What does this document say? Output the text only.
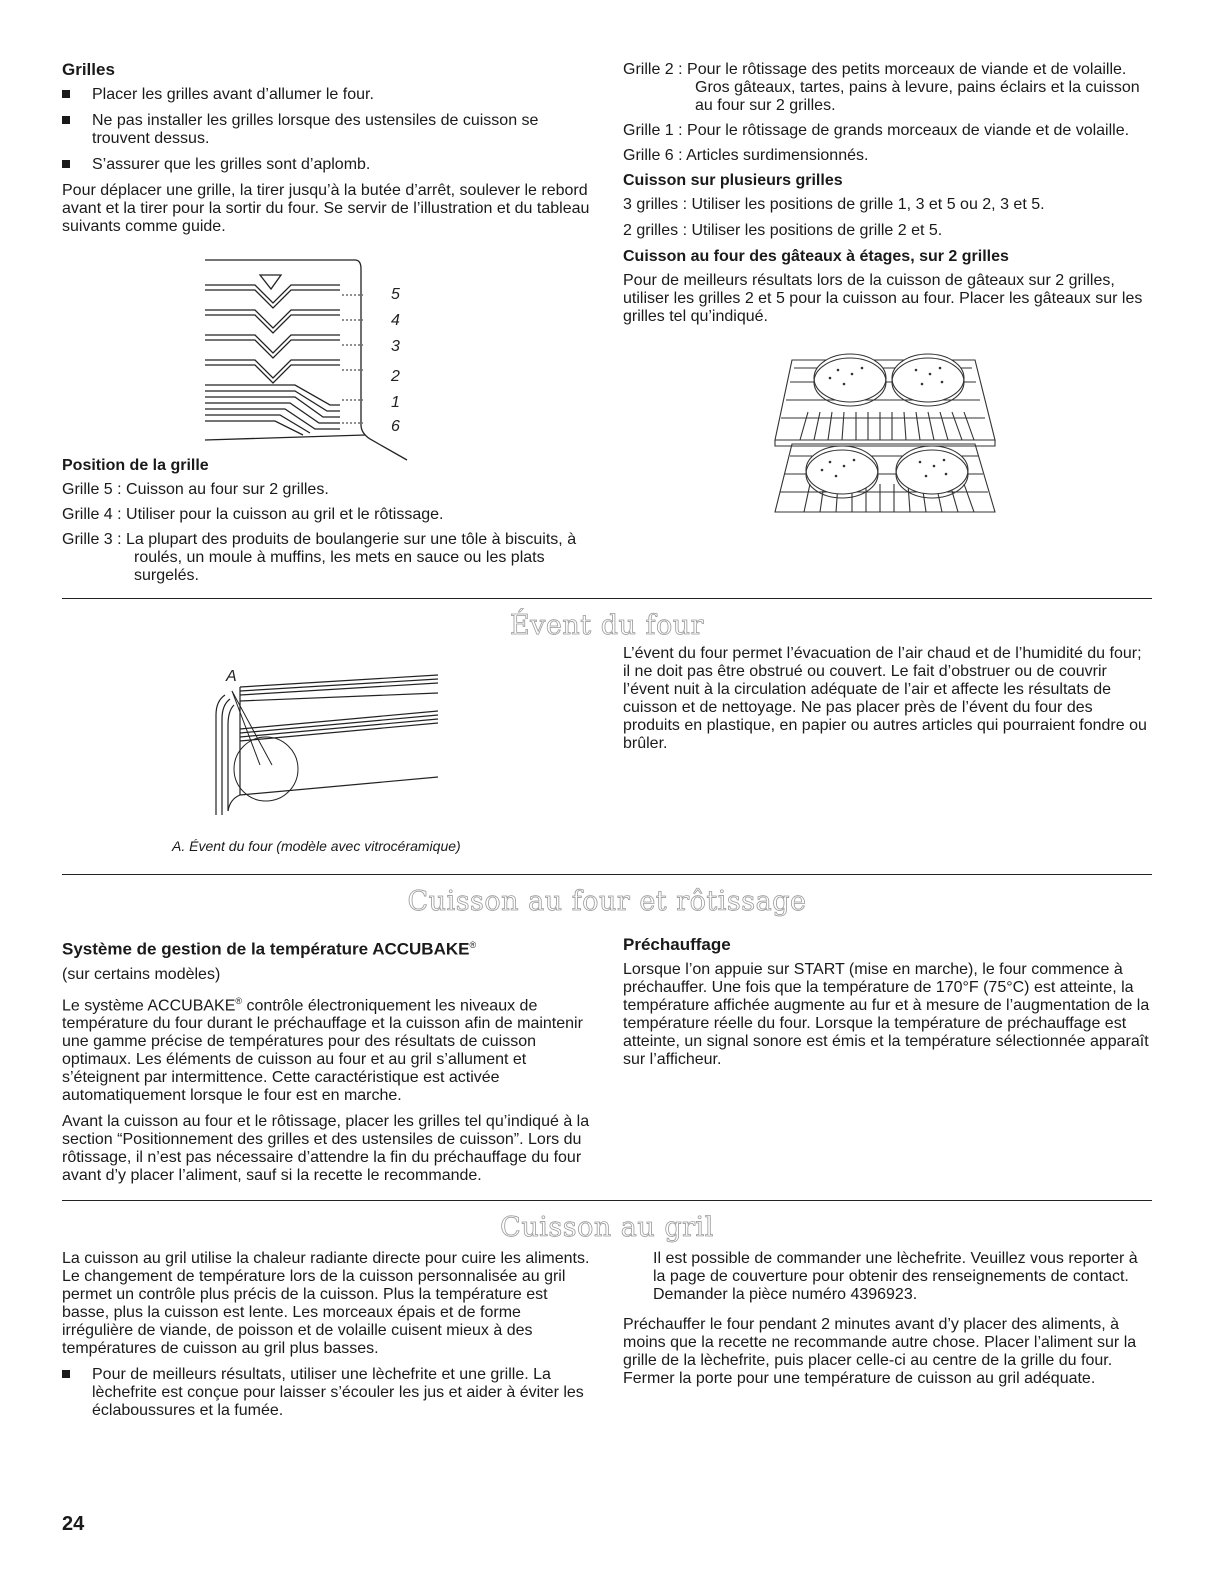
Grilles
Placer les grilles avant d’allumer le four.
Ne pas installer les grilles lorsque des ustensiles de cuisson se trouvent dessus.
S’assurer que les grilles sont d’aplomb.

Pour déplacer une grille, la tirer jusqu’à la butée d’arrêt, soulever le rebord avant et la tirer pour la sortir du four. Se servir de l’illustration et du tableau suivants comme guide.

5
4
3
2
1
6
Position de la grille

Grille 5 : Cuisson au four sur 2 grilles.

Grille 4 : Utiliser pour la cuisson au gril et le rôtissage.

Grille 3 : La plupart des produits de boulangerie sur une tôle à biscuits, à roulés, un moule à muffins, les mets en sauce ou les plats surgelés.

Grille 2 : Pour le rôtissage des petits morceaux de viande et de volaille. Gros gâteaux, tartes, pains à levure, pains éclairs et la cuisson au four sur 2 grilles.

Grille 1 : Pour le rôtissage de grands morceaux de viande et de volaille.

Grille 6 : Articles surdimensionnés.

Cuisson sur plusieurs grilles

3 grilles : Utiliser les positions de grille 1, 3 et 5 ou 2, 3 et 5.

2 grilles : Utiliser les positions de grille 2 et 5.

Cuisson au four des gâteaux à étages, sur 2 grilles

Pour de meilleurs résultats lors de la cuisson de gâteaux sur 2 grilles, utiliser les grilles 2 et 5 pour la cuisson au four. Placer les gâteaux sur les grilles tel qu’indiqué.

Évent du four
A
A. Évent du four (modèle avec vitrocéramique)

L’évent du four permet l’évacuation de l’air chaud et de l’humidité du four; il ne doit pas être obstrué ou couvert. Le fait d’obstruer ou de couvrir l’évent nuit à la circulation adéquate de l’air et affecte les résultats de cuisson et de nettoyage. Ne pas placer près de l’évent du four des produits en plastique, en papier ou autres articles qui pourraient fondre ou brûler.

Cuisson au four et rôtissage
Système de gestion de la température ACCUBAKE®

(sur certains modèles)

Le système ACCUBAKE® contrôle électroniquement les niveaux de température du four durant le préchauffage et la cuisson afin de maintenir une gamme précise de températures pour des résultats de cuisson optimaux. Les éléments de cuisson au four et au gril s’allument et s’éteignent par intermittence. Cette caractéristique est activée automatiquement lorsque le four est en marche.

Avant la cuisson au four et le rôtissage, placer les grilles tel qu’indiqué à la section “Positionnement des grilles et des ustensiles de cuisson”. Lors du rôtissage, il n’est pas nécessaire d’attendre la fin du préchauffage du four avant d’y placer l’aliment, sauf si la recette le recommande.

Préchauffage

Lorsque l’on appuie sur START (mise en marche), le four commence à préchauffer. Une fois que la température de 170°F (75°C) est atteinte, la température affichée augmente au fur et à mesure de l’augmentation de la température réelle du four. Lorsque la température de préchauffage est atteinte, un signal sonore est émis et la température sélectionnée apparaît sur l’afficheur.

Cuisson au gril

La cuisson au gril utilise la chaleur radiante directe pour cuire les aliments. Le changement de température lors de la cuisson personnalisée au gril permet un contrôle plus précis de la cuisson. Plus la température est basse, plus la cuisson est lente. Les morceaux épais et de forme irrégulière de viande, de poisson et de volaille cuisent mieux à des températures de cuisson au gril plus basses.

Pour de meilleurs résultats, utiliser une lèchefrite et une grille. La lèchefrite est conçue pour laisser s’écouler les jus et aider à éviter les éclaboussures et la fumée.

Il est possible de commander une lèchefrite. Veuillez vous reporter à la page de couverture pour obtenir des renseignements de contact. Demander la pièce numéro 4396923.

Préchauffer le four pendant 2 minutes avant d’y placer des aliments, à moins que la recette ne recommande autre chose. Placer l’aliment sur la grille de la lèchefrite, puis placer celle-ci au centre de la grille du four. Fermer la porte pour une température de cuisson au gril adéquate.

24
